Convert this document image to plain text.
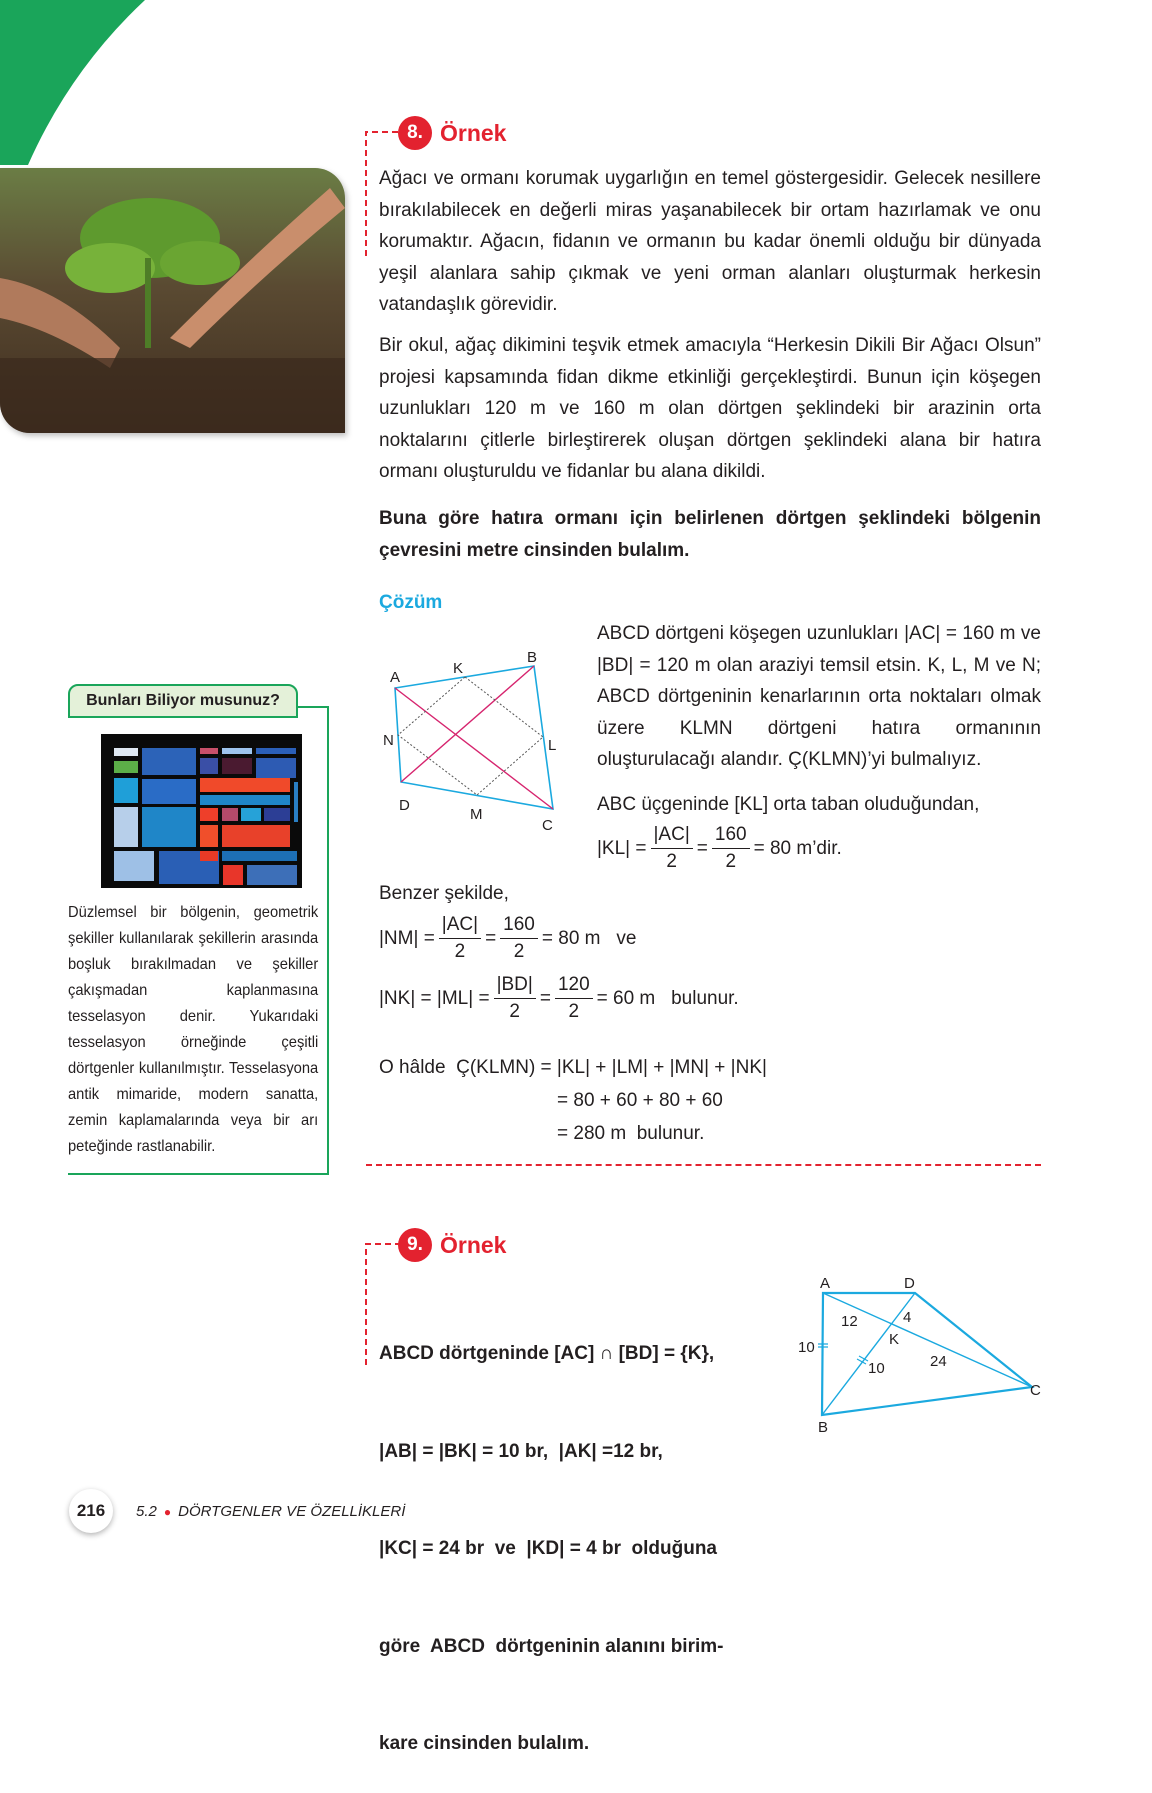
8. Örnek
Ağacı ve ormanı korumak uygarlığın en temel göstergesidir. Gelecek nesillere bırakılabilecek en değerli miras yaşanabilecek bir ortam hazırlamak ve onu korumaktır. Ağacın, fidanın ve ormanın bu kadar önemli olduğu bir dünyada yeşil alanlara sahip çıkmak ve yeni orman alanları oluşturmak herkesin vatandaşlık görevidir.
Bir okul, ağaç dikimini teşvik etmek amacıyla “Herkesin Dikili Bir Ağacı Olsun” projesi kapsamında fidan dikme etkinliği gerçekleştirdi. Bunun için köşegen uzunlukları 120 m ve 160 m olan dörtgen şeklindeki bir arazinin orta noktalarını çitlerle birleştirerek oluşan dörtgen şeklindeki alana bir hatıra ormanı oluşturuldu ve fidanlar bu alana dikildi.
Buna göre hatıra ormanı için belirlenen dörtgen şeklindeki bölgenin çevresini metre cinsinden bulalım.
Çözüm
A
B
C
D
K
L
M
N
ABCD dörtgeni köşegen uzunlukları |AC| = 160 m ve |BD| = 120 m olan araziyi temsil etsin. K, L, M ve N; ABCD dörtgeninin kenarlarının orta noktaları olmak üzere KLMN dörtgeni hatıra ormanının oluşturulacağı alandır. Ç(KLMN)’yi bulmalıyız.
ABC üçgeninde [KL] orta taban oluduğundan,
$|KL| = \frac{|AC|}{2} = \frac{160}{2} = 80$ m’dir.
Benzer şekilde,
$|NM| = \frac{|AC|}{2} = \frac{160}{2} = 80$ m   ve
$|NK| = |ML| = \frac{|BD|}{2} = \frac{120}{2} = 60$ m   bulunur.
O hâlde  Ç(KLMN) = |KL| + |LM| + |MN| + |NK|
= 80 + 60 + 80 + 60
= 280 m  bulunur.
Bunları Biliyor musunuz?
Düzlemsel bir bölgenin, geometrik şekiller kullanılarak şekillerin arasında boşluk bırakılmadan ve şekiller çakışmadan kaplanmasına tesselasyon denir. Yukarıdaki tesselasyon örneğinde çeşitli dörtgenler kullanılmıştır. Tesselasyona antik mimaride, modern sanatta, zemin kaplamalarında veya bir arı peteğinde rastlanabilir.
9. Örnek

ABCD dörtgeninde [AC] ∩ [BD] = {K},

|AB| = |BK| = 10 br,  |AK| =12 br,

|KC| = 24 br  ve  |KD| = 4 br  olduğuna

göre  ABCD  dörtgeninin alanını birim-

kare cinsinden bulalım.

A	D
C
B
K
10
12	4
10	24
216	5.2 ● DÖRTGENLER VE ÖZELLİKLERİ
